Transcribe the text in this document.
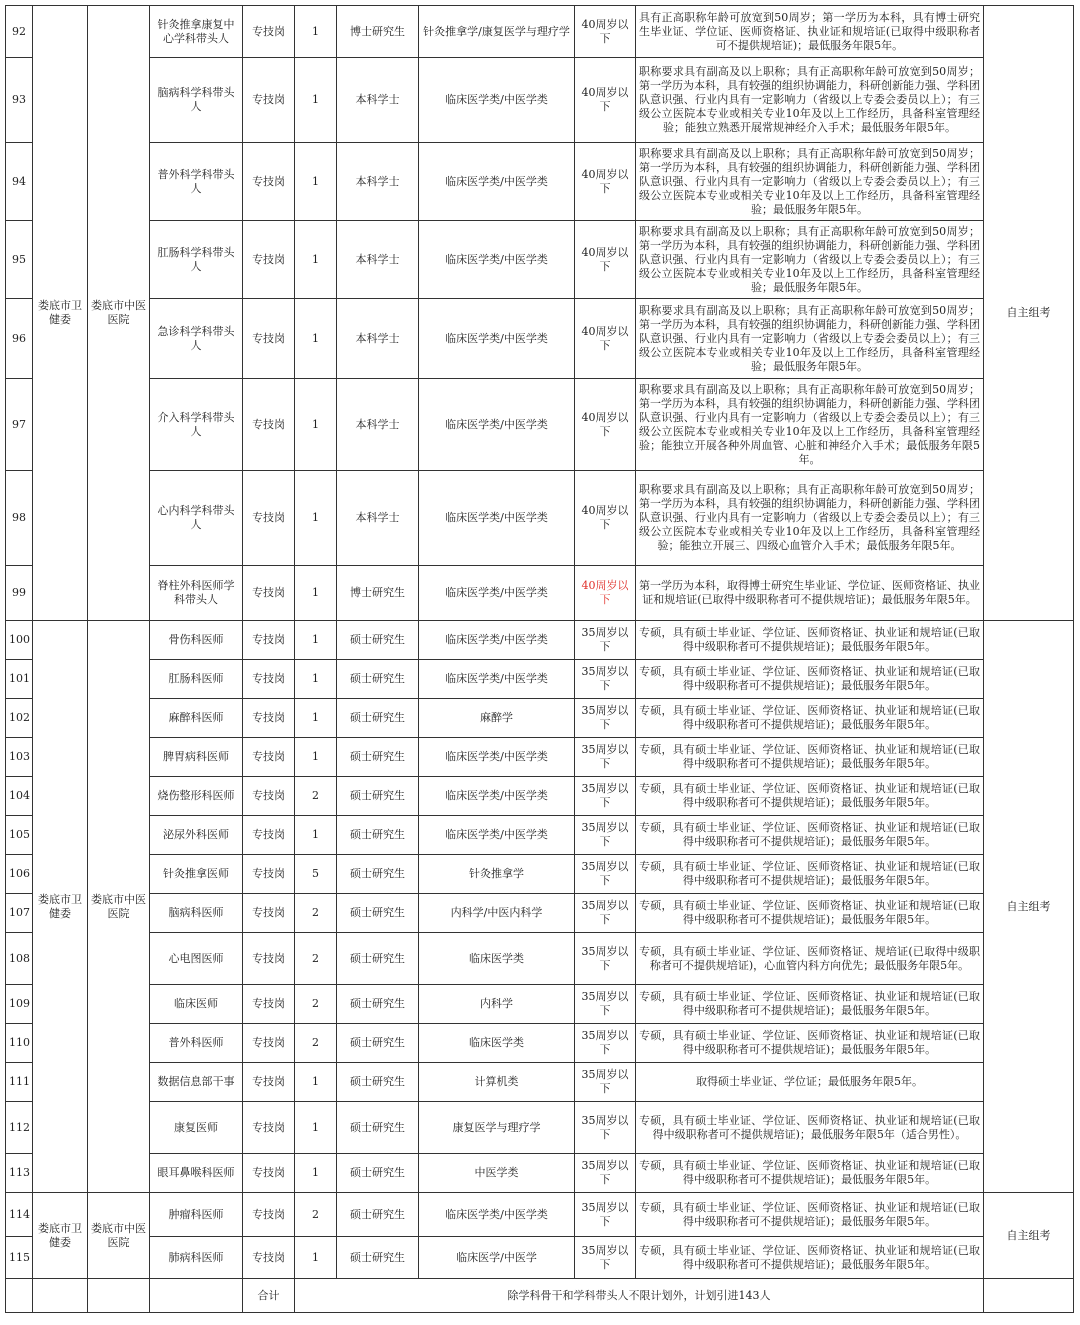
92	娄底市卫健委	娄底市中医医院	针灸推拿康复中心学科带头人	专技岗	1	博士研究生	针灸推拿学/康复医学与理疗学	40周岁以下	具有正高职称年龄可放宽到50周岁；第一学历为本科，具有博士研究生毕业证、学位证、医师资格证、执业证和规培证(已取得中级职称者可不提供规培证)；最低服务年限5年。	自主组考
93			脑病科学科带头人	专技岗	1	本科学士	临床医学类/中医学类	40周岁以下	职称要求具有副高及以上职称；具有正高职称年龄可放宽到50周岁；第一学历为本科，具有较强的组织协调能力，科研创新能力强、学科团队意识强、行业内具有一定影响力（省级以上专委会委员以上）；有三级公立医院本专业或相关专业10年及以上工作经历，具备科室管理经验；能独立熟悉开展常规神经介入手术；最低服务年限5年。	
94			普外科学科带头人	专技岗	1	本科学士	临床医学类/中医学类	40周岁以下	职称要求具有副高及以上职称；具有正高职称年龄可放宽到50周岁；第一学历为本科，具有较强的组织协调能力，科研创新能力强、学科团队意识强、行业内具有一定影响力（省级以上专委会委员以上）；有三级公立医院本专业或相关专业10年及以上工作经历，具备科室管理经验；最低服务年限5年。	
95			肛肠科学科带头人	专技岗	1	本科学士	临床医学类/中医学类	40周岁以下	职称要求具有副高及以上职称；具有正高职称年龄可放宽到50周岁；第一学历为本科，具有较强的组织协调能力，科研创新能力强、学科团队意识强、行业内具有一定影响力（省级以上专委会委员以上）；有三级公立医院本专业或相关专业10年及以上工作经历，具备科室管理经验；最低服务年限5年。	
96			急诊科学科带头人	专技岗	1	本科学士	临床医学类/中医学类	40周岁以下	职称要求具有副高及以上职称；具有正高职称年龄可放宽到50周岁；第一学历为本科，具有较强的组织协调能力，科研创新能力强、学科团队意识强、行业内具有一定影响力（省级以上专委会委员以上）；有三级公立医院本专业或相关专业10年及以上工作经历，具备科室管理经验；最低服务年限5年。	
97			介入科学科带头人	专技岗	1	本科学士	临床医学类/中医学类	40周岁以下	职称要求具有副高及以上职称；具有正高职称年龄可放宽到50周岁；第一学历为本科，具有较强的组织协调能力，科研创新能力强、学科团队意识强、行业内具有一定影响力（省级以上专委会委员以上）；有三级公立医院本专业或相关专业10年及以上工作经历，具备科室管理经验；能独立开展各种外周血管、心脏和神经介入手术；最低服务年限5年。	
98			心内科学科带头人	专技岗	1	本科学士	临床医学类/中医学类	40周岁以下	职称要求具有副高及以上职称；具有正高职称年龄可放宽到50周岁；第一学历为本科，具有较强的组织协调能力，科研创新能力强、学科团队意识强、行业内具有一定影响力（省级以上专委会委员以上）；有三级公立医院本专业或相关专业10年及以上工作经历，具备科室管理经验；能独立开展三、四级心血管介入手术；最低服务年限5年。	
99			脊柱外科医师学科带头人	专技岗	1	博士研究生	临床医学类/中医学类	40周岁以下	第一学历为本科，取得博士研究生毕业证、学位证、医师资格证、执业证和规培证(已取得中级职称者可不提供规培证)；最低服务年限5年。	
100	娄底市卫健委	娄底市中医医院	骨伤科医师	专技岗	1	硕士研究生	临床医学类/中医学类	35周岁以下	专硕，具有硕士毕业证、学位证、医师资格证、执业证和规培证(已取得中级职称者可不提供规培证)；最低服务年限5年。	自主组考
101			肛肠科医师	专技岗	1	硕士研究生	临床医学类/中医学类	35周岁以下	专硕，具有硕士毕业证、学位证、医师资格证、执业证和规培证(已取得中级职称者可不提供规培证)；最低服务年限5年。	
102			麻醉科医师	专技岗	1	硕士研究生	麻醉学	35周岁以下	专硕，具有硕士毕业证、学位证、医师资格证、执业证和规培证(已取得中级职称者可不提供规培证)；最低服务年限5年。	
103			脾胃病科医师	专技岗	1	硕士研究生	临床医学类/中医学类	35周岁以下	专硕，具有硕士毕业证、学位证、医师资格证、执业证和规培证(已取得中级职称者可不提供规培证)；最低服务年限5年。	
104			烧伤整形科医师	专技岗	2	硕士研究生	临床医学类/中医学类	35周岁以下	专硕，具有硕士毕业证、学位证、医师资格证、执业证和规培证(已取得中级职称者可不提供规培证)；最低服务年限5年。	
105			泌尿外科医师	专技岗	1	硕士研究生	临床医学类/中医学类	35周岁以下	专硕，具有硕士毕业证、学位证、医师资格证、执业证和规培证(已取得中级职称者可不提供规培证)；最低服务年限5年。	
106			针灸推拿医师	专技岗	5	硕士研究生	针灸推拿学	35周岁以下	专硕，具有硕士毕业证、学位证、医师资格证、执业证和规培证(已取得中级职称者可不提供规培证)；最低服务年限5年。	
107			脑病科医师	专技岗	2	硕士研究生	内科学/中医内科学	35周岁以下	专硕，具有硕士毕业证、学位证、医师资格证、执业证和规培证(已取得中级职称者可不提供规培证)；最低服务年限5年。	
108			心电图医师	专技岗	2	硕士研究生	临床医学类	35周岁以下	专硕，具有硕士毕业证、学位证、医师资格证、规培证(已取得中级职称者可不提供规培证)，心血管内科方向优先；最低服务年限5年。	
109			临床医师	专技岗	2	硕士研究生	内科学	35周岁以下	专硕，具有硕士毕业证、学位证、医师资格证、执业证和规培证(已取得中级职称者可不提供规培证)；最低服务年限5年。	
110			普外科医师	专技岗	2	硕士研究生	临床医学类	35周岁以下	专硕，具有硕士毕业证、学位证、医师资格证、执业证和规培证(已取得中级职称者可不提供规培证)；最低服务年限5年。	
111			数据信息部干事	专技岗	1	硕士研究生	计算机类	35周岁以下	取得硕士毕业证、学位证；最低服务年限5年。	
112			康复医师	专技岗	1	硕士研究生	康复医学与理疗学	35周岁以下	专硕，具有硕士毕业证、学位证、医师资格证、执业证和规培证(已取得中级职称者可不提供规培证)；最低服务年限5年（适合男性）。	
113			眼耳鼻喉科医师	专技岗	1	硕士研究生	中医学类	35周岁以下	专硕，具有硕士毕业证、学位证、医师资格证、执业证和规培证(已取得中级职称者可不提供规培证)；最低服务年限5年。	
114	娄底市卫健委	娄底市中医医院	肿瘤科医师	专技岗	2	硕士研究生	临床医学类/中医学类	35周岁以下	专硕，具有硕士毕业证、学位证、医师资格证、执业证和规培证(已取得中级职称者可不提供规培证)；最低服务年限5年。	自主组考
115			肺病科医师	专技岗	1	硕士研究生	临床医学/中医学	35周岁以下	专硕，具有硕士毕业证、学位证、医师资格证、执业证和规培证(已取得中级职称者可不提供规培证)；最低服务年限5年。	
				合计	除学科骨干和学科带头人不限计划外，计划引进143人					
